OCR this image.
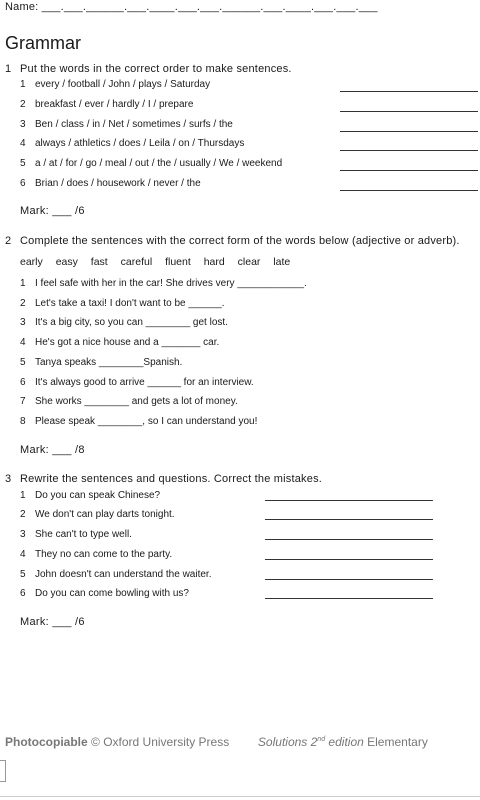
Name: ___.___.______.___.____.___.___.______.___.____.___.___.___
Grammar
1 Put the words in the correct order to make sentences.
1 every / football / John / plays / Saturday
2 breakfast / ever / hardly / I / prepare
3 Ben / class / in / Net / sometimes / surfs / the
4 always / athletics / does / Leila / on / Thursdays
5 a / at / for / go / meal / out / the / usually / We / weekend
6 Brian / does / housework / never / the
Mark: ___ /6
2 Complete the sentences with the correct form of the words below (adjective or adverb).
early easy fast careful fluent hard clear late
1 I feel safe with her in the car! She drives very ____________.
2 Let's take a taxi! I don't want to be ______.
3 It's a big city, so you can ________ get lost.
4 He's got a nice house and a _______ car.
5 Tanya speaks ________Spanish.
6 It's always good to arrive ______ for an interview.
7 She works ________ and gets a lot of money.
8 Please speak ________, so I can understand you!
Mark: ___ /8
3 Rewrite the sentences and questions. Correct the mistakes.
1 Do you can speak Chinese?
2 We don't can play darts tonight.
3 She can't to type well.
4 They no can come to the party.
5 John doesn't can understand the waiter.
6 Do you can come bowling with us?
Mark: ___ /6
Photocopiable © Oxford University Press Solutions 2nd edition Elementary
